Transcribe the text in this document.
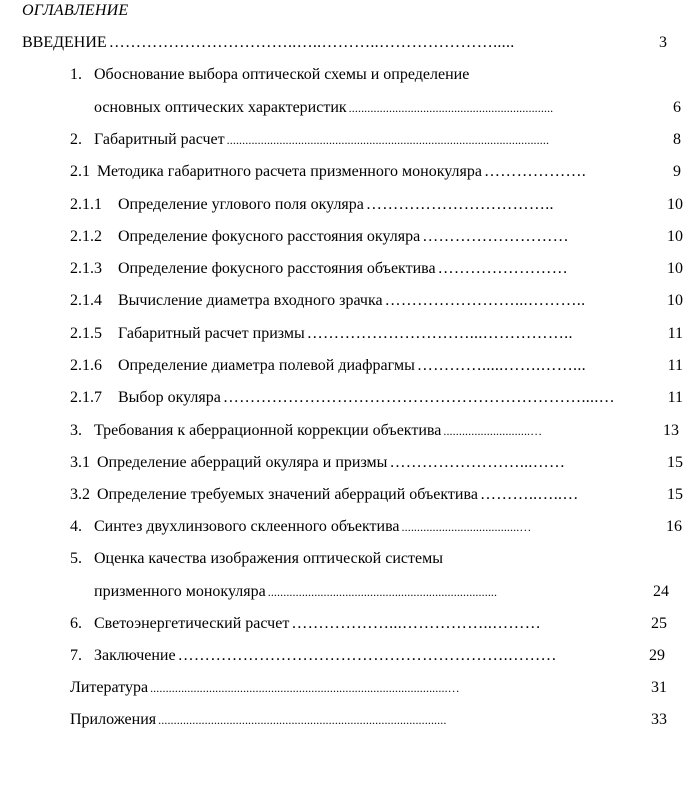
ОГЛАВЛЕНИЕ
ВВЕДЕНИЕ ……………………………..…..………..………………….....	3
1. Обоснование выбора оптической схемы и определение
основных оптических характеристик ..................................................................	6
2. Габаритный расчет ........................................................................................................	8
2.1 Методика габаритного расчета призменного монокуляра ……………….	9
2.1.1	Определение углового поля окуляра ……………………………..	10
2.1.2	Определение фокусного расстояния окуляра ………………………	10
2.1.3	Определение фокусного расстояния объектива ……………………	10
2.1.4	Вычисление диаметра входного зрачка ……………………...………..	10
2.1.5	Габаритный расчет призмы …………………………...……………..	11
2.1.6	Определение диаметра полевой диафрагмы ………….....…….……...	11
2.1.7	Выбор окуляра …………………………………………………………....…	11
3. Требования к аберрационной коррекции объектива ............................…	13
3.1 Определение аберраций окуляра и призмы ……………………...……	15
3.2 Определение требуемых значений аберраций объектива ………..…..…	15
4. Синтез двухлинзового склеенного объектива ......................................…	16
5. Оценка качества изображения оптической системы
призменного монокуляра ..........................................................................	24
6. Светоэнергетический расчет ………………...……………..………	25
7. Заключение …………………………………………………….………	29
Литература ................................................................................................…	31
Приложения .............................................................................................	33
